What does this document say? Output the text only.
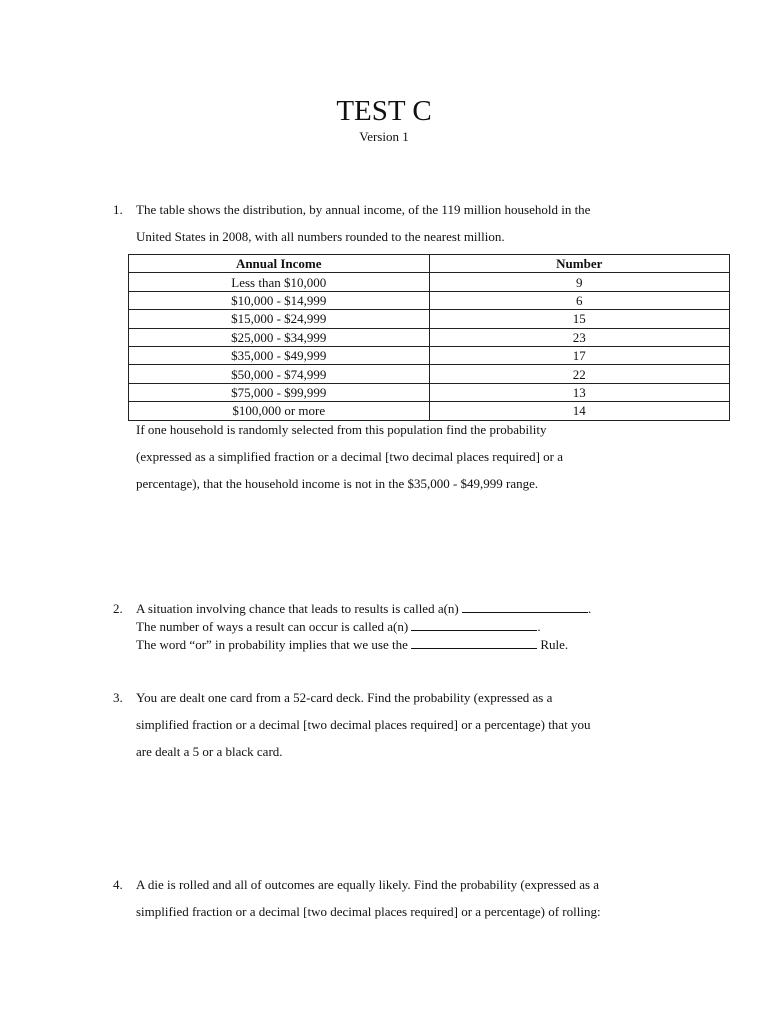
TEST C
Version 1
1. The table shows the distribution, by annual income, of the 119 million household in the
United States in 2008, with all numbers rounded to the nearest million.
Annual Income	Number
Less than $10,000	9
$10,000 - $14,999	6
$15,000 - $24,999	15
$25,000 - $34,999	23
$35,000 - $49,999	17
$50,000 - $74,999	22
$75,000 - $99,999	13
$100,000 or more	14
If one household is randomly selected from this population find the probability
(expressed as a simplified fraction or a decimal [two decimal places required] or a
percentage), that the household income is not in the $35,000 - $49,999 range.
2. A situation involving chance that leads to results is called a(n)	.
The number of ways a result can occur is called a(n)	.
The word “or” in probability implies that we use the	Rule.
3. You are dealt one card from a 52-card deck. Find the probability (expressed as a
simplified fraction or a decimal [two decimal places required] or a percentage) that you
are dealt a 5 or a black card.
4. A die is rolled and all of outcomes are equally likely. Find the probability (expressed as a
simplified fraction or a decimal [two decimal places required] or a percentage) of rolling:
